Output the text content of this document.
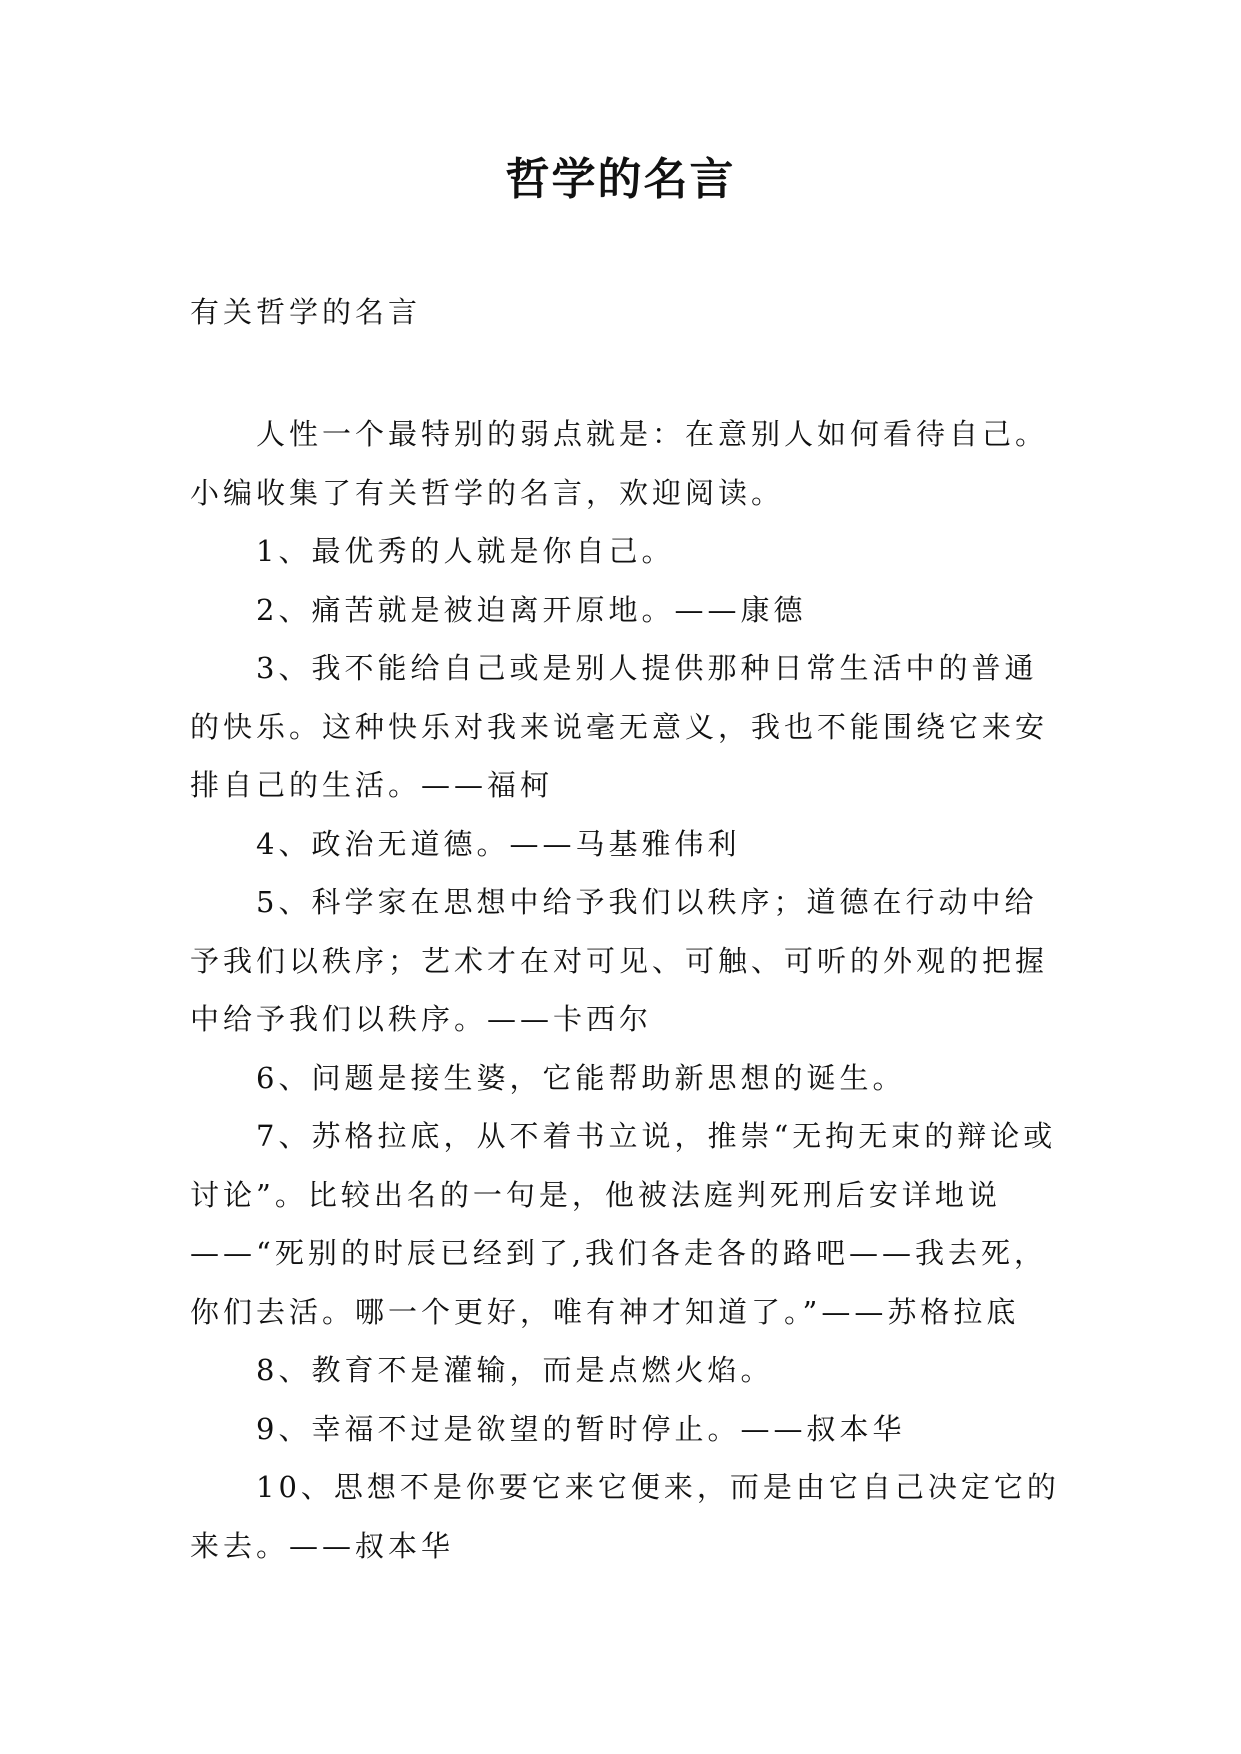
哲学的名言
有关哲学的名言

人性一个最特别的弱点就是：在意别人如何看待自己。小编收集了有关哲学的名言，欢迎阅读。

1、最优秀的人就是你自己。

2、痛苦就是被迫离开原地。——康德

3、我不能给自己或是别人提供那种日常生活中的普通的快乐。这种快乐对我来说毫无意义，我也不能围绕它来安排自己的生活。——福柯

4、政治无道德。——马基雅伟利

5、科学家在思想中给予我们以秩序；道德在行动中给予我们以秩序；艺术才在对可见、可触、可听的外观的把握中给予我们以秩序。——卡西尔

6、问题是接生婆，它能帮助新思想的诞生。

7、苏格拉底，从不着书立说，推崇“无拘无束的辩论或讨论”。比较出名的一句是，他被法庭判死刑后安详地说——“死别的时辰已经到了,我们各走各的路吧——我去死，你们去活。哪一个更好，唯有神才知道了。”——苏格拉底

8、教育不是灌输，而是点燃火焰。

9、幸福不过是欲望的暂时停止。——叔本华

10、思想不是你要它来它便来，而是由它自己决定它的来去。——叔本华
